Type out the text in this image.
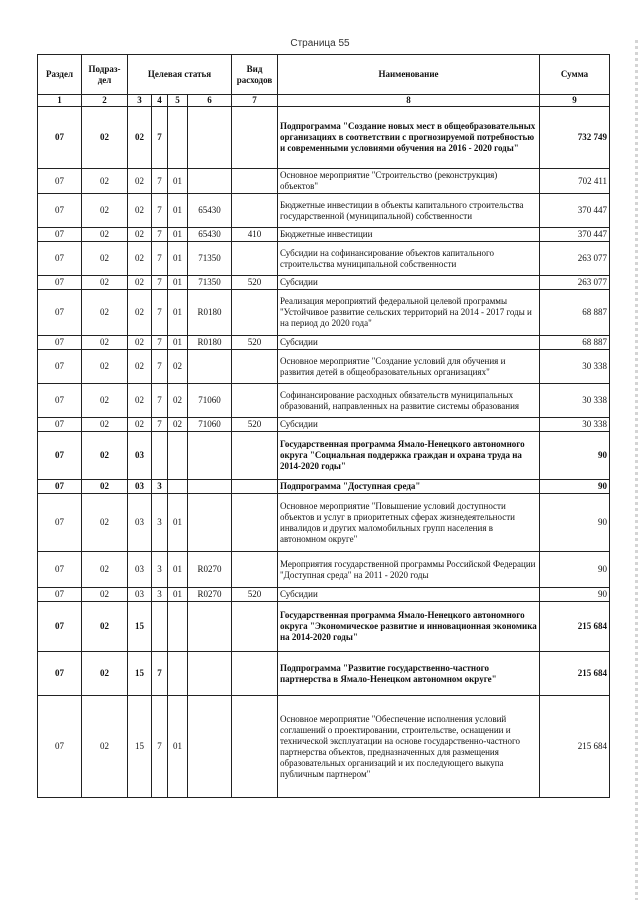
Страница 55
Раздел	Подраз-дел	Целевая статья				Вид расходов	Наименование	Сумма
1	2	3	4	5	6	7	8	9
07	02	02	7				Подпрограмма "Создание новых мест в общеобразовательных организациях в соответствии с прогнозируемой потребностью и современными условиями обучения на 2016 - 2020 годы"	732 749
07	02	02	7	01			Основное мероприятие "Строительство (реконструкция) объектов"	702 411
07	02	02	7	01	65430		Бюджетные инвестиции в объекты капитального строительства государственной (муниципальной) собственности	370 447
07	02	02	7	01	65430	410	Бюджетные инвестиции	370 447
07	02	02	7	01	71350		Субсидии на софинансирование объектов капитального строительства муниципальной собственности	263 077
07	02	02	7	01	71350	520	Субсидии	263 077
07	02	02	7	01	R0180		Реализация мероприятий федеральной целевой программы "Устойчивое развитие сельских территорий на 2014 - 2017 годы и на период до 2020 года"	68 887
07	02	02	7	01	R0180	520	Субсидии	68 887
07	02	02	7	02			Основное мероприятие "Создание условий для обучения и развития детей в общеобразовательных организациях"	30 338
07	02	02	7	02	71060		Софинансирование расходных обязательств муниципальных образований, направленных на развитие системы образования	30 338
07	02	02	7	02	71060	520	Субсидии	30 338
07	02	03					Государственная программа Ямало-Ненецкого автономного округа "Социальная поддержка граждан и охрана труда на 2014-2020 годы"	90
07	02	03	3				Подпрограмма "Доступная среда"	90
07	02	03	3	01			Основное мероприятие "Повышение условий доступности объектов и услуг в приоритетных сферах жизнедеятельности инвалидов и других маломобильных групп населения в автономном округе"	90
07	02	03	3	01	R0270		Мероприятия государственной программы Российской Федерации "Доступная среда" на 2011 - 2020 годы	90
07	02	03	3	01	R0270	520	Субсидии	90
07	02	15					Государственная программа Ямало-Ненецкого автономного округа "Экономическое развитие и инновационная экономика на 2014-2020 годы"	215 684
07	02	15	7				Подпрограмма "Развитие государственно-частного партнерства в Ямало-Ненецком автономном округе"	215 684
07	02	15	7	01			Основное мероприятие "Обеспечение исполнения условий соглашений о проектировании, строительстве, оснащении и технической эксплуатации на основе государственно-частного партнерства объектов, предназначенных для размещения образовательных организаций и их последующего выкупа публичным партнером"	215 684
